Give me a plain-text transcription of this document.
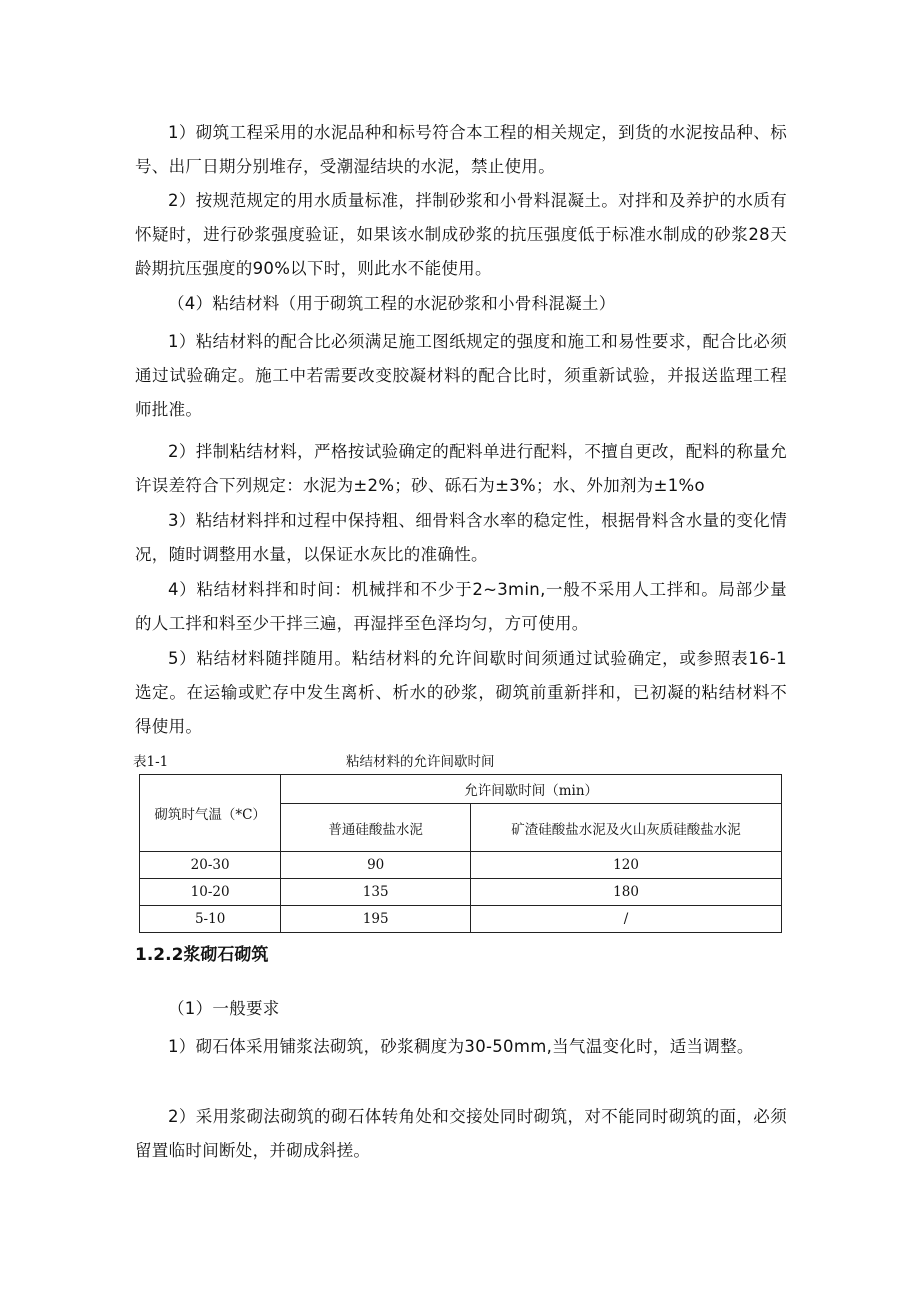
1）砌筑工程采用的水泥品种和标号符合本工程的相关规定，到货的水泥按品种、标号、出厂日期分别堆存，受潮湿结块的水泥，禁止使用。

2）按规范规定的用水质量标准，拌制砂浆和小骨料混凝土。对拌和及养护的水质有怀疑时，进行砂浆强度验证，如果该水制成砂浆的抗压强度低于标准水制成的砂浆28天龄期抗压强度的90%以下时，则此水不能使用。

（4）粘结材料（用于砌筑工程的水泥砂浆和小骨科混凝土）

1）粘结材料的配合比必须满足施工图纸规定的强度和施工和易性要求，配合比必须通过试验确定。施工中若需要改变胶凝材料的配合比时，须重新试验，并报送监理工程师批准。

2）拌制粘结材料，严格按试验确定的配料单进行配料，不擅自更改，配料的称量允许误差符合下列规定：水泥为±2%；砂、砾石为±3%；水、外加剂为±1%o

3）粘结材料拌和过程中保持粗、细骨料含水率的稳定性，根据骨料含水量的变化情况，随时调整用水量，以保证水灰比的准确性。

4）粘结材料拌和时间：机械拌和不少于2~3min,一般不采用人工拌和。局部少量的人工拌和料至少干拌三遍，再湿拌至色泽均匀，方可使用。

5）粘结材料随拌随用。粘结材料的允许间歇时间须通过试验确定，或参照表16-1选定。在运输或贮存中发生离析、析水的砂浆，砌筑前重新拌和，已初凝的粘结材料不得使用。

表1-1	粘结材料的允许间歇时间
砌筑时气温（*C）	允许间歇时间（min）	
	普通硅酸盐水泥	矿渣硅酸盐水泥及火山灰质硅酸盐水泥
20-30	90	120
10-20	135	180
5-10	195	/
1.2.2浆砌石砌筑

（1）一般要求

1）砌石体采用铺浆法砌筑，砂浆稠度为30-50mm,当气温变化时，适当调整。

2）采用浆砌法砌筑的砌石体转角处和交接处同时砌筑，对不能同时砌筑的面，必须留置临时间断处，并砌成斜搓。
